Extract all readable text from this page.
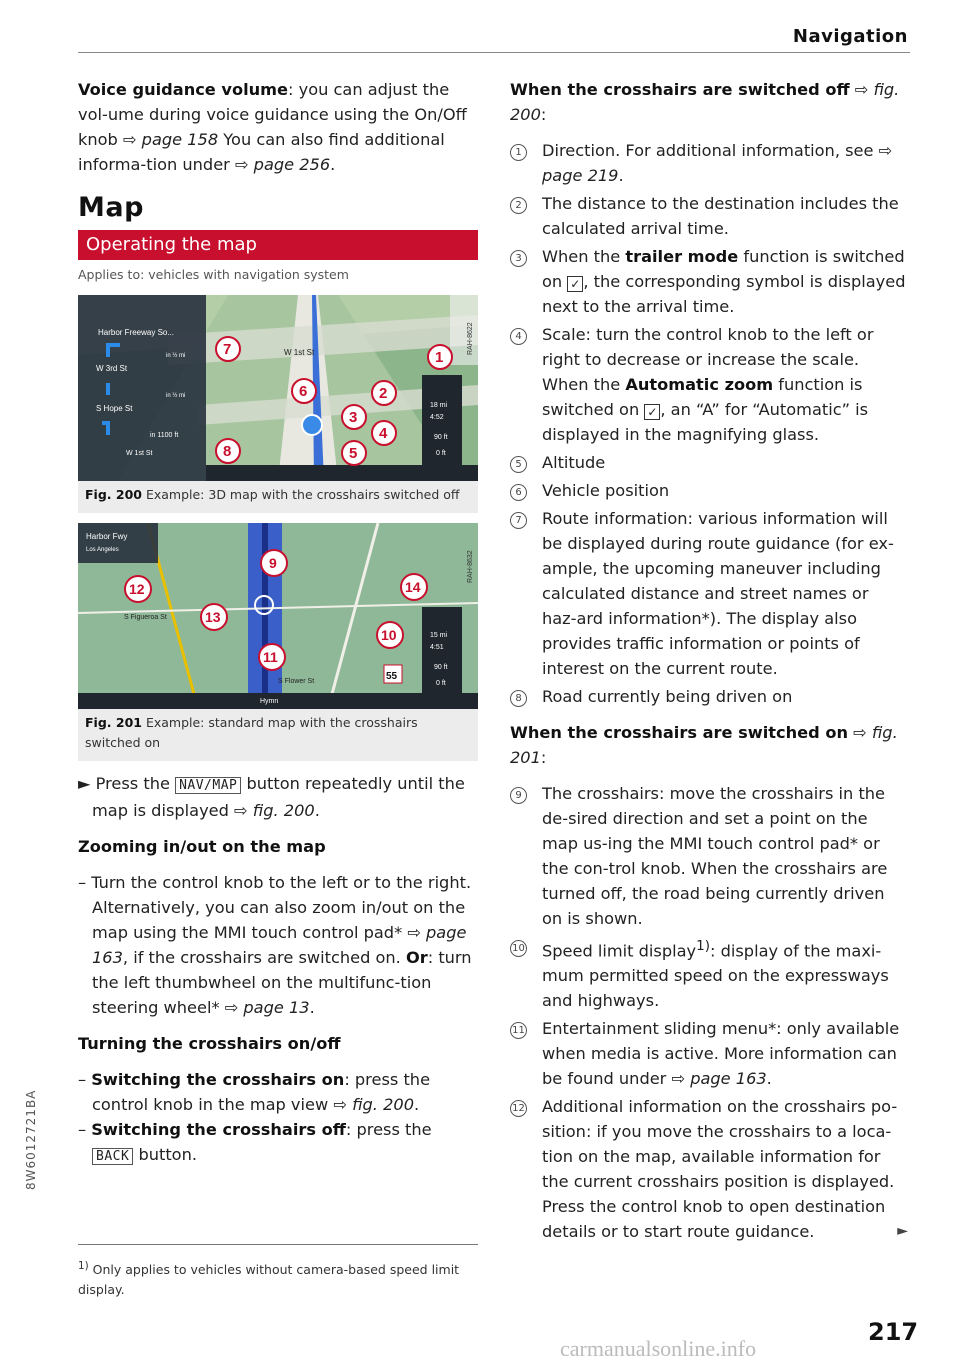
Navigation

Voice guidance volume: you can adjust the vol-ume during voice guidance using the On/Off knob ⇨ page 158 You can also find additional informa-tion under ⇨ page 256.

Map
Operating the map
Applies to: vehicles with navigation system
Harbor Freeway So...
W 3rd St
in ½ mi
in ½ mi
S Hope St
in 1100 ft
W 1st St
W 1st St
18 mi
4:52
90 ft
0 ft
RAH-8622
1
2
3
4
5
6
7
8
Fig. 200 Example: 3D map with the crosshairs switched off
Harbor Fwy
Los Angeles
S Figueroa St
S Flower St
Hymn
15 mi
4:51
90 ft
0 ft
55
RAH-8632
9
10
11
12
13
14
Fig. 201 Example: standard map with the crosshairs switched on

► Press the NAV/MAP button repeatedly until the map is displayed ⇨ fig. 200.

Zooming in/out on the map

– Turn the control knob to the left or to the right. Alternatively, you can also zoom in/out on the map using the MMI touch control pad* ⇨ page 163, if the crosshairs are switched on. Or: turn the left thumbwheel on the multifunc-tion steering wheel* ⇨ page 13.

Turning the crosshairs on/off

– Switching the crosshairs on: press the control knob in the map view ⇨ fig. 200.

– Switching the crosshairs off: press the BACK button.

$^{1)}$ Only applies to vehicles without camera-based speed limit display.

When the crosshairs are switched off ⇨ fig. 200:

1	Direction. For additional information, see ⇨ page 219.
2	The distance to the destination includes the calculated arrival time.
3	When the trailer mode function is switched on ✓ , the corresponding symbol is displayed next to the arrival time.
4	Scale: turn the control knob to the left or right to decrease or increase the scale. When the Automatic zoom function is switched on ✓ , an “A” for “Automatic” is displayed in the magnifying glass.
5	Altitude
6	Vehicle position
7	Route information: various information will be displayed during route guidance (for ex-ample, the upcoming maneuver including calculated distance and street names or haz-ard information*). The display also provides traffic information or points of interest on the current route.
8	Road currently being driven on

When the crosshairs are switched on ⇨ fig. 201:

9	The crosshairs: move the crosshairs in the de-sired direction and set a point on the map us-ing the MMI touch control pad* or the con-trol knob. When the crosshairs are turned off, the road being currently driven on is shown.
10	Speed limit display$^{1)}$: display of the maxi-mum permitted speed on the expressways and highways.
11	Entertainment sliding menu*: only available when media is active. More information can be found under ⇨ page 163.
12	Additional information on the crosshairs po-sition: if you move the crosshairs to a loca-tion on the map, available information for the current crosshairs position is displayed. Press the control knob to open destination details or to start route guidance.	►
8W6012721BA
carmanualsonline.info
217
